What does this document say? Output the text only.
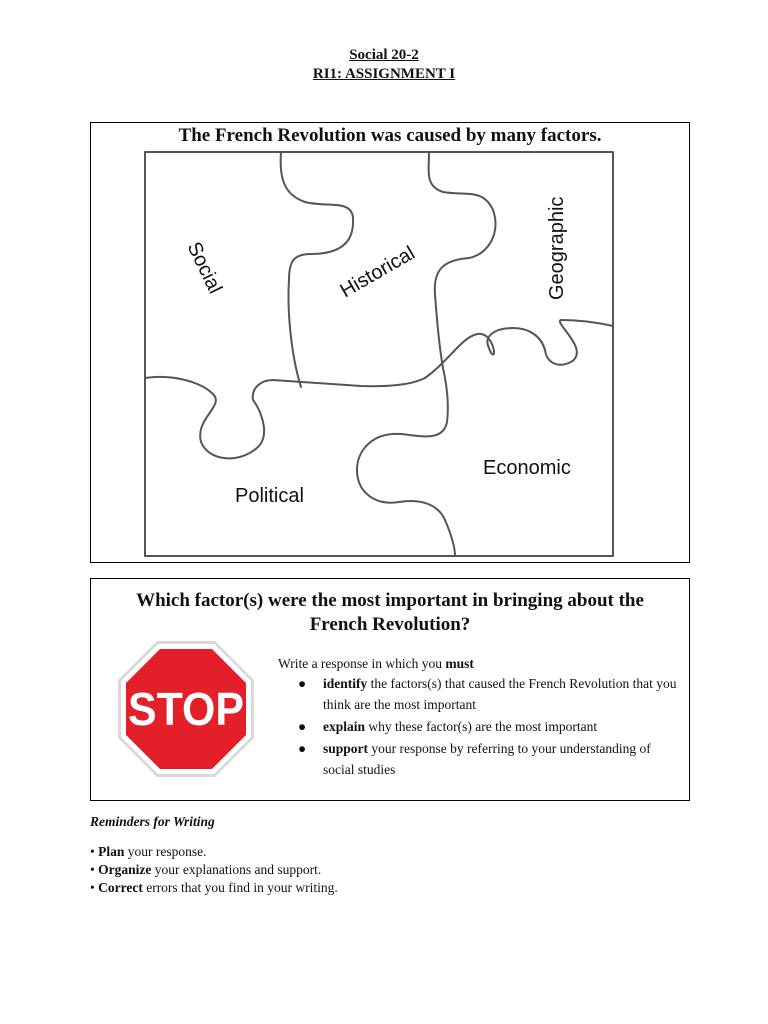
Social 20-2
RI1: ASSIGNMENT I
The French Revolution was caused by many factors.
Social	Historical	Geographic
Political
Economic
Which factor(s) were the most important in bringing about the
French Revolution?
STOP
Write a response in which you must
● identify the factors(s) that caused the French Revolution that you think are the most important
● explain why these factor(s) are the most important
● support your response by referring to your understanding of social studies
Reminders for Writing
• Plan your response.
• Organize your explanations and support.
• Correct errors that you find in your writing.
